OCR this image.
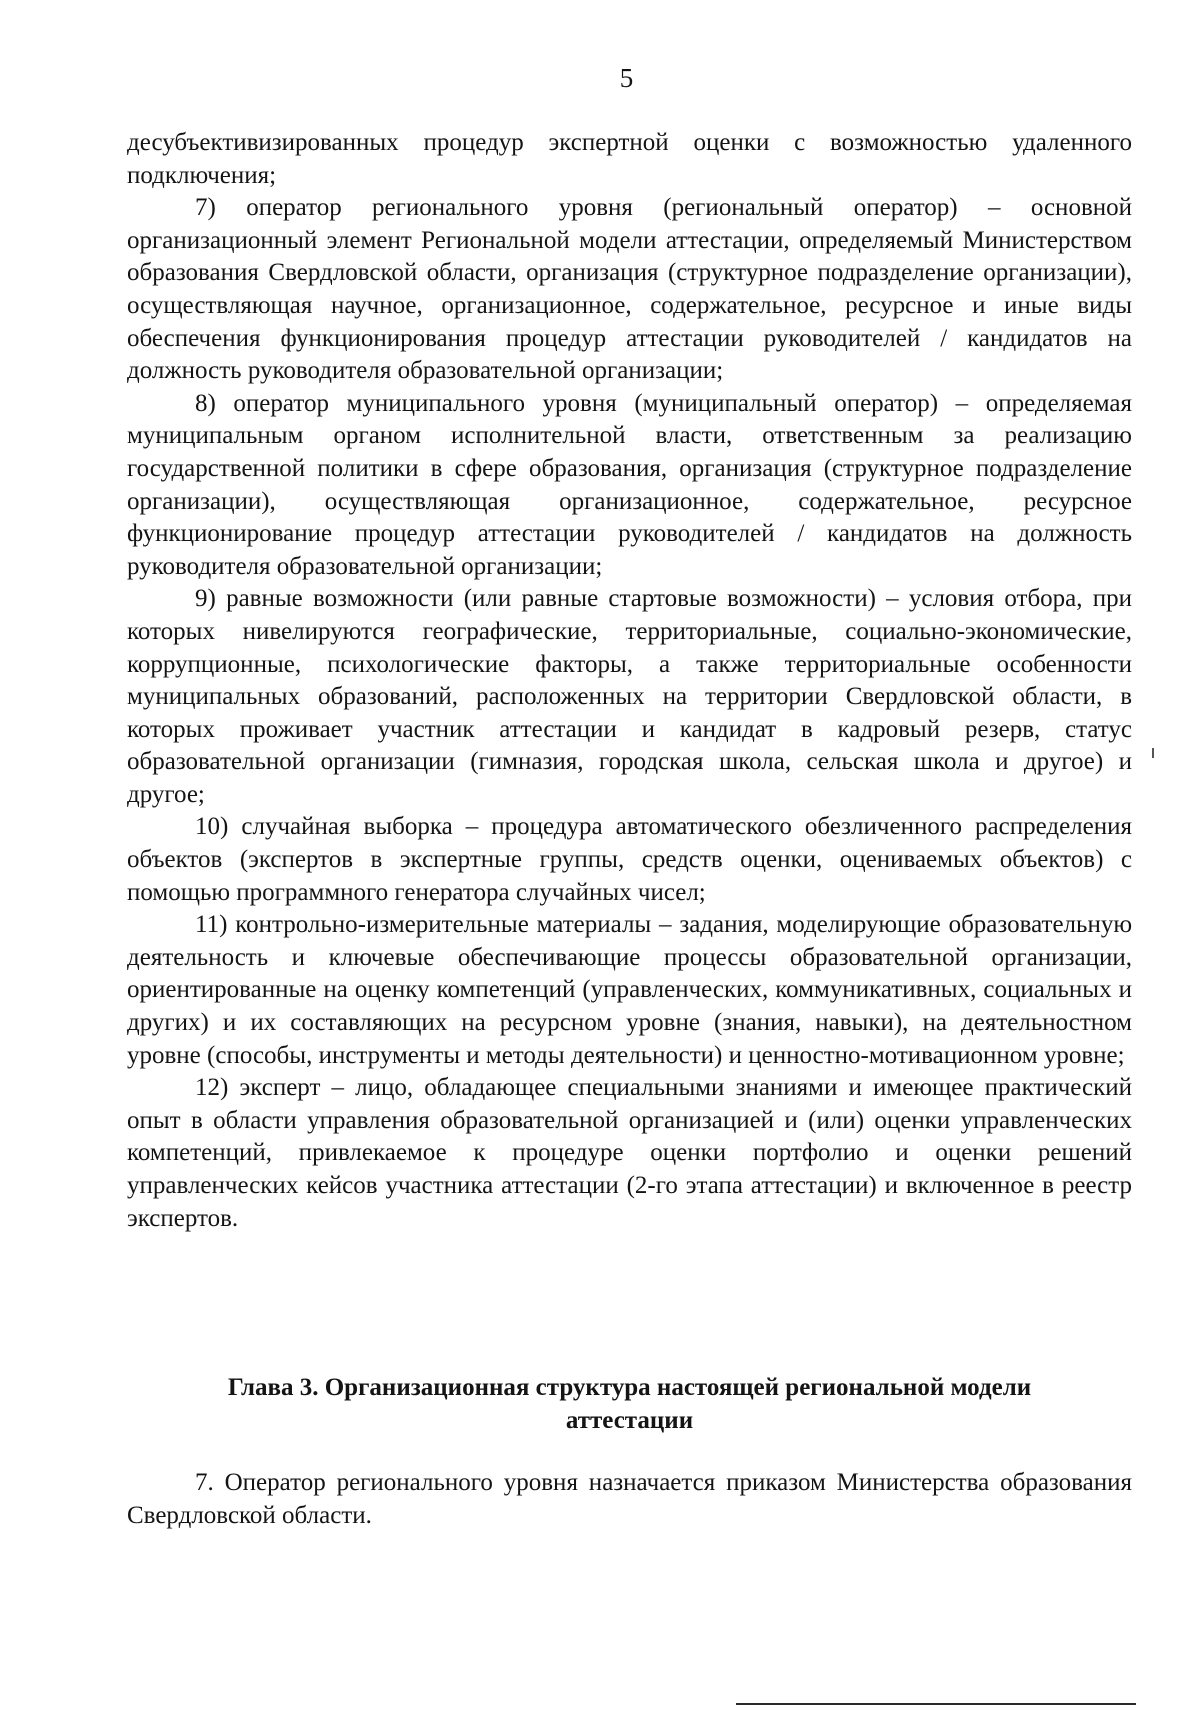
5

десубъективизированных процедур экспертной оценки с возможностью удаленного подключения;

7) оператор регионального уровня (региональный оператор) – основной организационный элемент Региональной модели аттестации, определяемый Министерством образования Свердловской области, организация (структурное подразделение организации), осуществляющая научное, организационное, содержательное, ресурсное и иные виды обеспечения функционирования процедур аттестации руководителей / кандидатов на должность руководителя образовательной организации;

8) оператор муниципального уровня (муниципальный оператор) – определяемая муниципальным органом исполнительной власти, ответственным за реализацию государственной политики в сфере образования, организация (структурное подразделение организации), осуществляющая организационное, содержательное, ресурсное функционирование процедур аттестации руководителей / кандидатов на должность руководителя образовательной организации;

9) равные возможности (или равные стартовые возможности) – условия отбора, при которых нивелируются географические, территориальные, социально-экономические, коррупционные, психологические факторы, а также территориальные особенности муниципальных образований, расположенных на территории Свердловской области, в которых проживает участник аттестации и кандидат в кадровый резерв, статус образовательной организации (гимназия, городская школа, сельская школа и другое) и другое;

10) случайная выборка – процедура автоматического обезличенного распределения объектов (экспертов в экспертные группы, средств оценки, оцениваемых объектов) с помощью программного генератора случайных чисел;

11) контрольно-измерительные материалы – задания, моделирующие образовательную деятельность и ключевые обеспечивающие процессы образовательной организации, ориентированные на оценку компетенций (управленческих, коммуникативных, социальных и других) и их составляющих на ресурсном уровне (знания, навыки), на деятельностном уровне (способы, инструменты и методы деятельности) и ценностно-мотивационном уровне;

12) эксперт – лицо, обладающее специальными знаниями и имеющее практический опыт в области управления образовательной организацией и (или) оценки управленческих компетенций, привлекаемое к процедуре оценки портфолио и оценки решений управленческих кейсов участника аттестации (2-го этапа аттестации) и включенное в реестр экспертов.

Глава 3. Организационная структура настоящей региональной модели
аттестации

7. Оператор регионального уровня назначается приказом Министерства образования Свердловской области.
